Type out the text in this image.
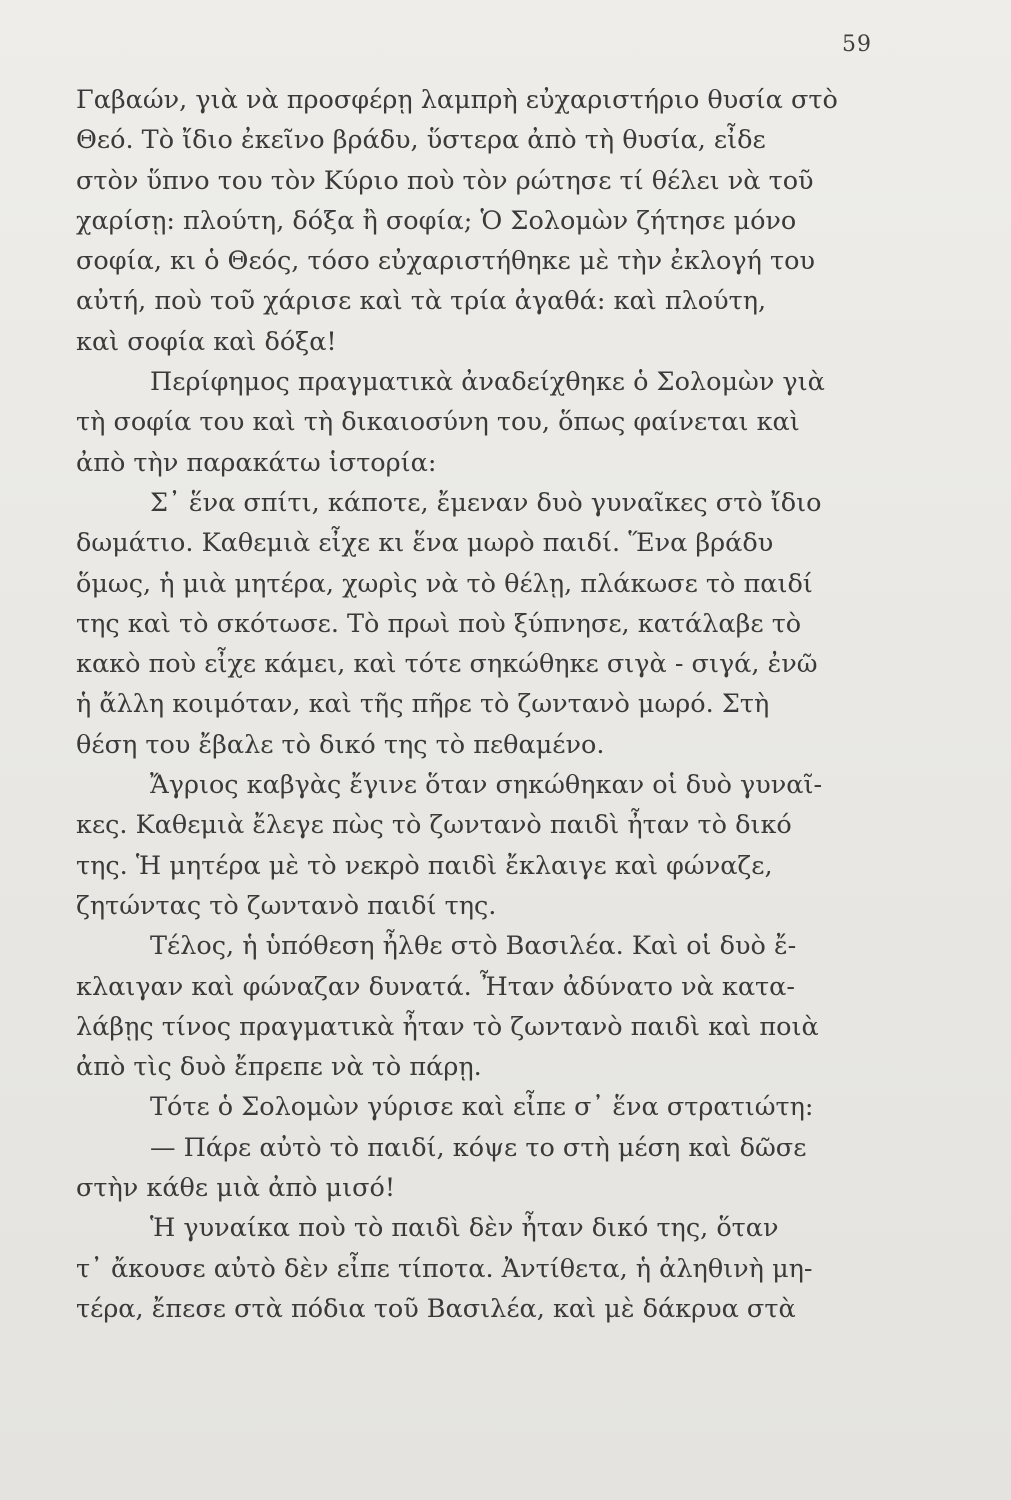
59
Γαβαών, γιὰ νὰ προσφέρῃ λαμπρὴ εὐχαριστήριο θυσία στὸ
Θεό. Τὸ ἴδιο ἐκεῖνο βράδυ, ὕστερα ἀπὸ τὴ θυσία, εἶδε
στὸν ὕπνο του τὸν Κύριο ποὺ τὸν ρώτησε τί θέλει νὰ τοῦ
χαρίσῃ: πλούτη, δόξα ἢ σοφία; Ὁ Σολομὼν ζήτησε μόνο
σοφία, κι ὁ Θεός, τόσο εὐχαριστήθηκε μὲ τὴν ἐκλογή του
αὐτή, ποὺ τοῦ χάρισε καὶ τὰ τρία ἀγαθά: καὶ πλούτη,
καὶ σοφία καὶ δόξα!
Περίφημος πραγματικὰ ἀναδείχθηκε ὁ Σολομὼν γιὰ
τὴ σοφία του καὶ τὴ δικαιοσύνη του, ὅπως φαίνεται καὶ
ἀπὸ τὴν παρακάτω ἱστορία:
Σ᾽ ἕνα σπίτι, κάποτε, ἔμεναν δυὸ γυναῖκες στὸ ἴδιο
δωμάτιο. Καθεμιὰ εἶχε κι ἕνα μωρὸ παιδί. Ἕνα βράδυ
ὅμως, ἡ μιὰ μητέρα, χωρὶς νὰ τὸ θέλῃ, πλάκωσε τὸ παιδί
της καὶ τὸ σκότωσε. Τὸ πρωὶ ποὺ ξύπνησε, κατάλαβε τὸ
κακὸ ποὺ εἶχε κάμει, καὶ τότε σηκώθηκε σιγὰ - σιγά, ἐνῶ
ἡ ἄλλη κοιμόταν, καὶ τῆς πῆρε τὸ ζωντανὸ μωρό. Στὴ
θέση του ἔβαλε τὸ δικό της τὸ πεθαμένο.
Ἄγριος καβγὰς ἔγινε ὅταν σηκώθηκαν οἱ δυὸ γυναῖ-
κες. Καθεμιὰ ἔλεγε πὼς τὸ ζωντανὸ παιδὶ ἦταν τὸ δικό
της. Ἡ μητέρα μὲ τὸ νεκρὸ παιδὶ ἔκλαιγε καὶ φώναζε,
ζητώντας τὸ ζωντανὸ παιδί της.
Τέλος, ἡ ὑπόθεση ἦλθε στὸ Βασιλέα. Καὶ οἱ δυὸ ἔ-
κλαιγαν καὶ φώναζαν δυνατά. Ἦταν ἀδύνατο νὰ κατα-
λάβῃς τίνος πραγματικὰ ἦταν τὸ ζωντανὸ παιδὶ καὶ ποιὰ
ἀπὸ τὶς δυὸ ἔπρεπε νὰ τὸ πάρῃ.
Τότε ὁ Σολομὼν γύρισε καὶ εἶπε σ᾽ ἕνα στρατιώτη:
— Πάρε αὐτὸ τὸ παιδί, κόψε το στὴ μέση καὶ δῶσε
στὴν κάθε μιὰ ἀπὸ μισό!
Ἡ γυναίκα ποὺ τὸ παιδὶ δὲν ἦταν δικό της, ὅταν
τ᾽ ἄκουσε αὐτὸ δὲν εἶπε τίποτα. Ἀντίθετα, ἡ ἀληθινὴ μη-
τέρα, ἔπεσε στὰ πόδια τοῦ Βασιλέα, καὶ μὲ δάκρυα στὰ
